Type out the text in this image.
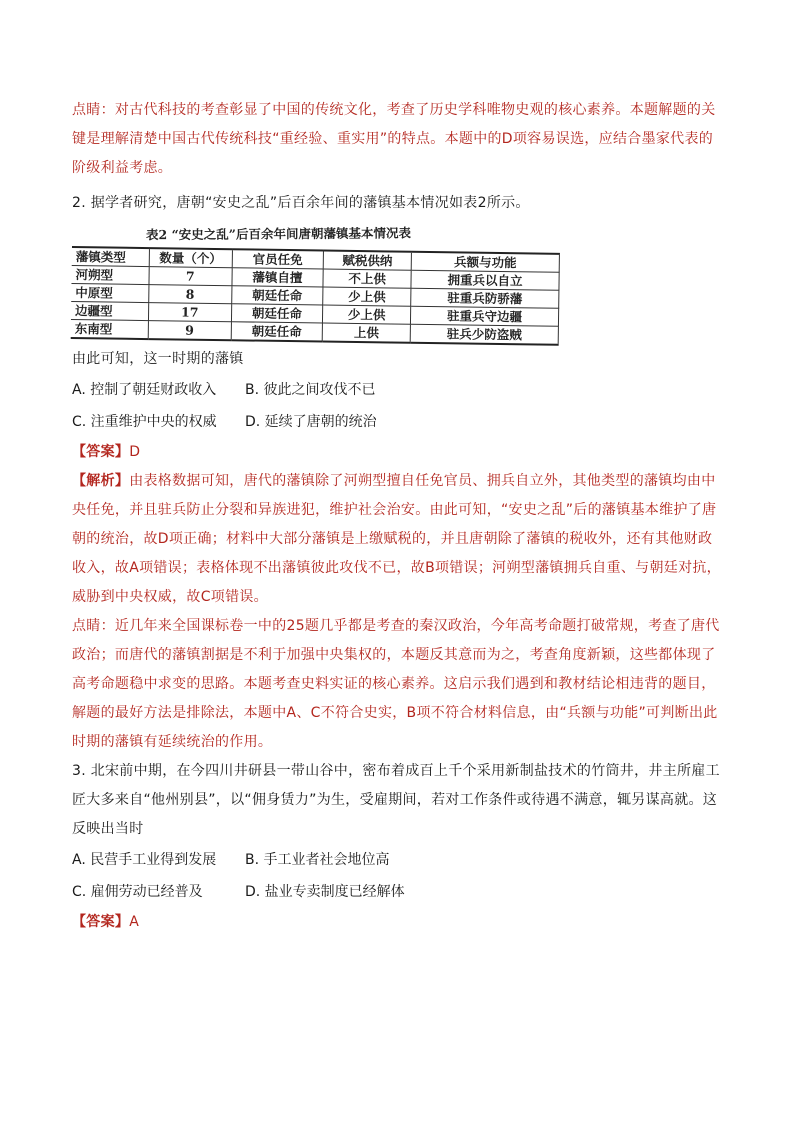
点睛：对古代科技的考查彰显了中国的传统文化，考查了历史学科唯物史观的核心素养。本题解题的关键是理解清楚中国古代传统科技“重经验、重实用”的特点。本题中的D项容易误选，应结合墨家代表的阶级利益考虑。

2. 据学者研究，唐朝“安史之乱”后百余年间的藩镇基本情况如表2所示。

表2 “安史之乱”后百余年间唐朝藩镇基本情况表
藩镇类型	数量（个）	官员任免	赋税供纳	兵额与功能
河朔型	7	藩镇自擅	不上供	拥重兵以自立
中原型	8	朝廷任命	少上供	驻重兵防骄藩
边疆型	17	朝廷任命	少上供	驻重兵守边疆
东南型	9	朝廷任命	上供	驻兵少防盗贼

由此可知，这一时期的藩镇

A. 控制了朝廷财政收入	B. 彼此之间攻伐不已
C. 注重维护中央的权威	D. 延续了唐朝的统治

【答案】D

【解析】由表格数据可知，唐代的藩镇除了河朔型擅自任免官员、拥兵自立外，其他类型的藩镇均由中央任免，并且驻兵防止分裂和异族进犯，维护社会治安。由此可知，“安史之乱”后的藩镇基本维护了唐朝的统治，故D项正确；材料中大部分藩镇是上缴赋税的，并且唐朝除了藩镇的税收外，还有其他财政收入，故A项错误；表格体现不出藩镇彼此攻伐不已，故B项错误；河朔型藩镇拥兵自重、与朝廷对抗，威胁到中央权威，故C项错误。

点睛：近几年来全国课标卷一中的25题几乎都是考查的秦汉政治，今年高考命题打破常规，考查了唐代政治；而唐代的藩镇割据是不利于加强中央集权的，本题反其意而为之，考查角度新颖，这些都体现了高考命题稳中求变的思路。本题考查史料实证的核心素养。这启示我们遇到和教材结论相违背的题目，解题的最好方法是排除法，本题中A、C不符合史实，B项不符合材料信息，由“兵额与功能”可判断出此时期的藩镇有延续统治的作用。

3. 北宋前中期，在今四川井研县一带山谷中，密布着成百上千个采用新制盐技术的竹筒井，井主所雇工匠大多来自“他州别县”，以“佣身赁力”为生，受雇期间，若对工作条件或待遇不满意，辄另谋高就。这反映出当时

A. 民营手工业得到发展	B. 手工业者社会地位高
C. 雇佣劳动已经普及	D. 盐业专卖制度已经解体

【答案】A
